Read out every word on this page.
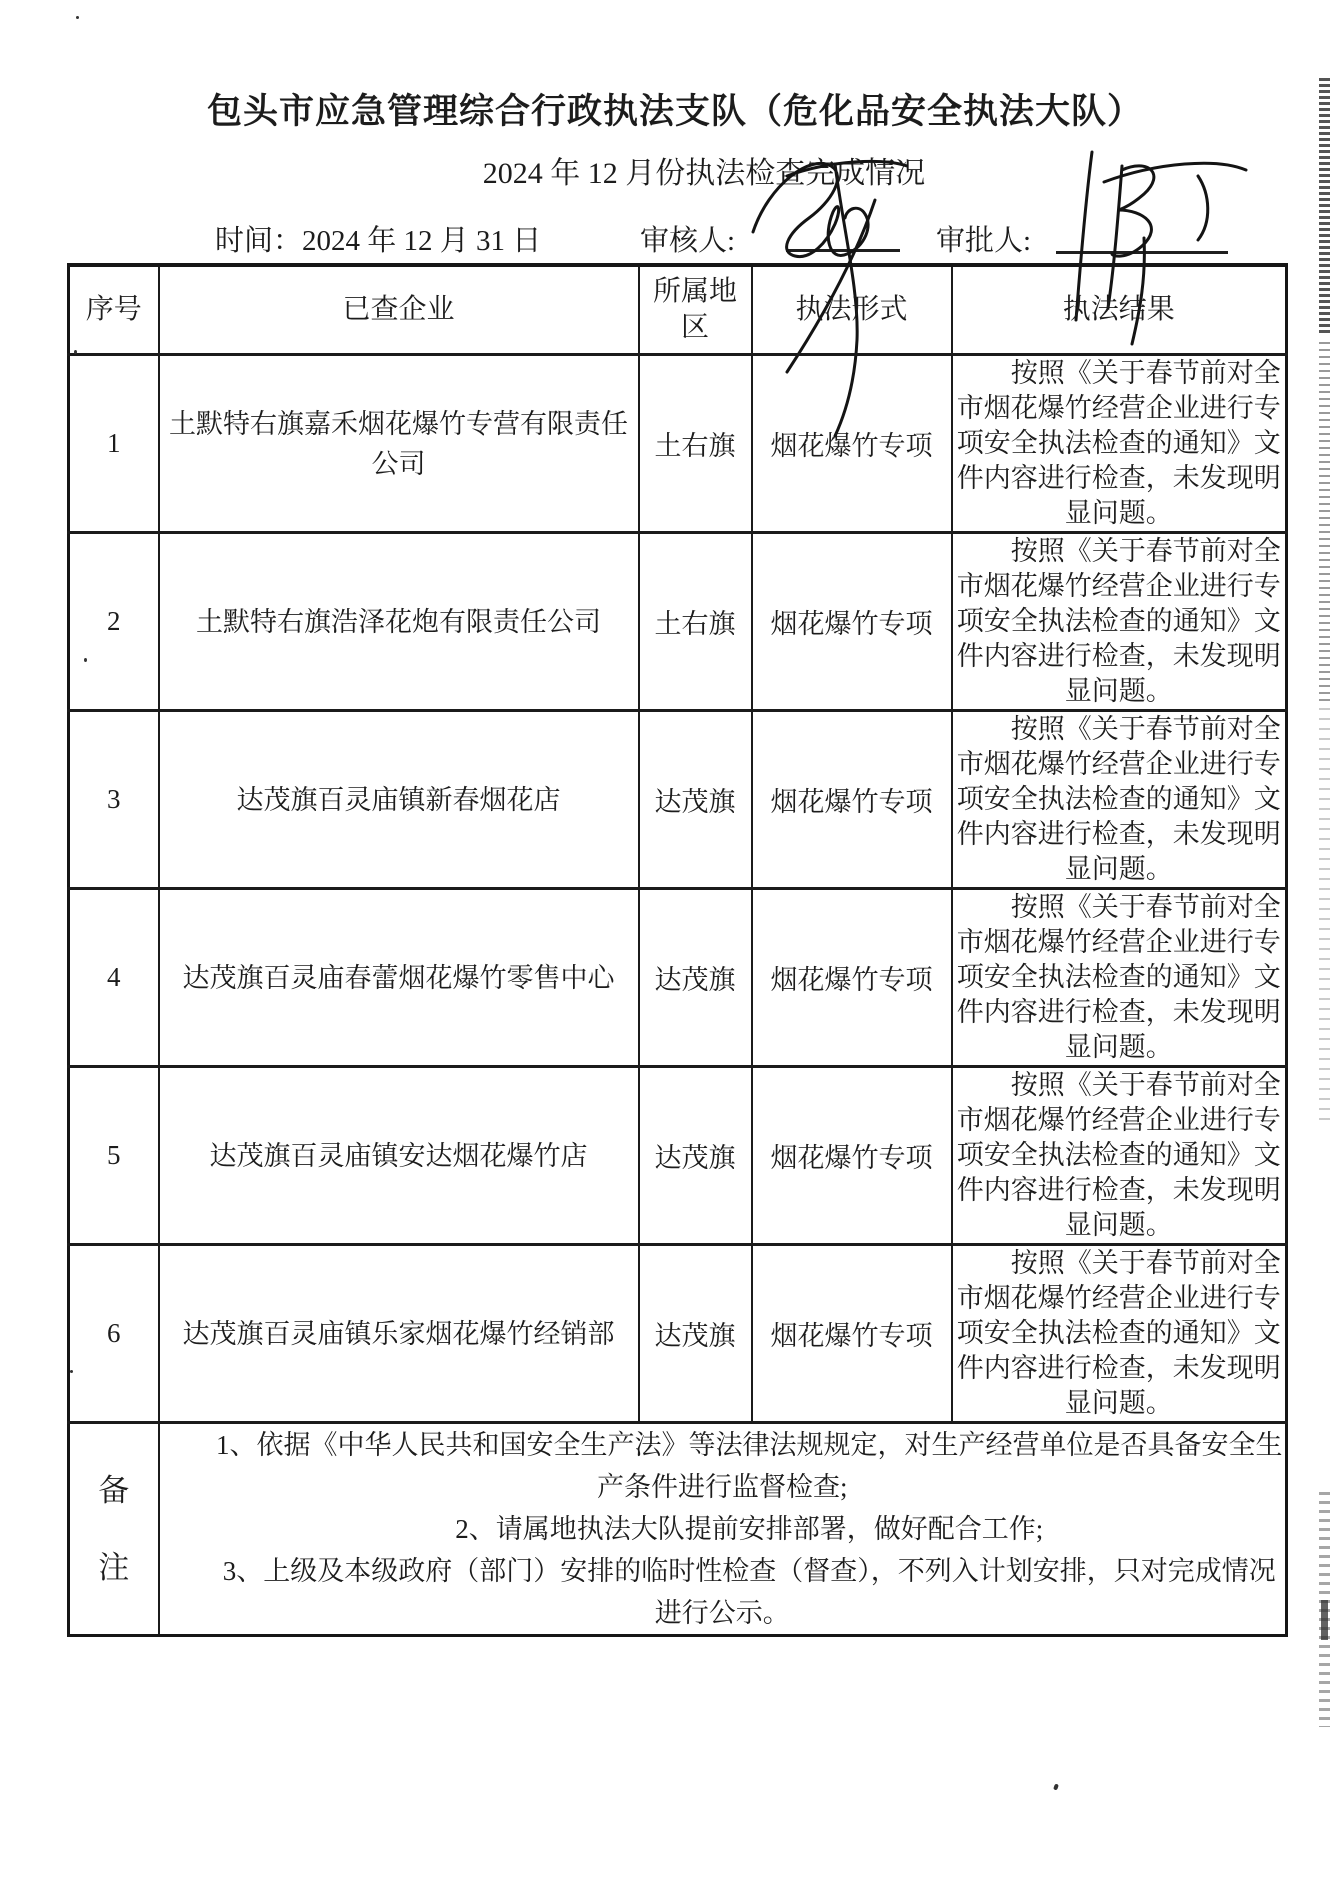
包头市应急管理综合行政执法支队（危化品安全执法大队）
2024 年 12 月份执法检查完成情况
时间：2024 年 12 月 31 日	审核人:	审批人:
序号	已查企业	所属地区	执法形式	执法结果
1	土默特右旗嘉禾烟花爆竹专营有限责任公司	土右旗	烟花爆竹专项	按照《关于春节前对全市烟花爆竹经营企业进行专项安全执法检查的通知》文件内容进行检查，未发现明显问题。
2	土默特右旗浩泽花炮有限责任公司	土右旗	烟花爆竹专项	按照《关于春节前对全市烟花爆竹经营企业进行专项安全执法检查的通知》文件内容进行检查，未发现明显问题。
3	达茂旗百灵庙镇新春烟花店	达茂旗	烟花爆竹专项	按照《关于春节前对全市烟花爆竹经营企业进行专项安全执法检查的通知》文件内容进行检查，未发现明显问题。
4	达茂旗百灵庙春蕾烟花爆竹零售中心	达茂旗	烟花爆竹专项	按照《关于春节前对全市烟花爆竹经营企业进行专项安全执法检查的通知》文件内容进行检查，未发现明显问题。
5	达茂旗百灵庙镇安达烟花爆竹店	达茂旗	烟花爆竹专项	按照《关于春节前对全市烟花爆竹经营企业进行专项安全执法检查的通知》文件内容进行检查，未发现明显问题。
6	达茂旗百灵庙镇乐家烟花爆竹经销部	达茂旗	烟花爆竹专项	按照《关于春节前对全市烟花爆竹经营企业进行专项安全执法检查的通知》文件内容进行检查，未发现明显问题。
备注	1、依据《中华人民共和国安全生产法》等法律法规规定，对生产经营单位是否具备安全生产条件进行监督检查;

2、请属地执法大队提前安排部署，做好配合工作;

3、上级及本级政府（部门）安排的临时性检查（督查），不列入计划安排，只对完成情况进行公示。			
